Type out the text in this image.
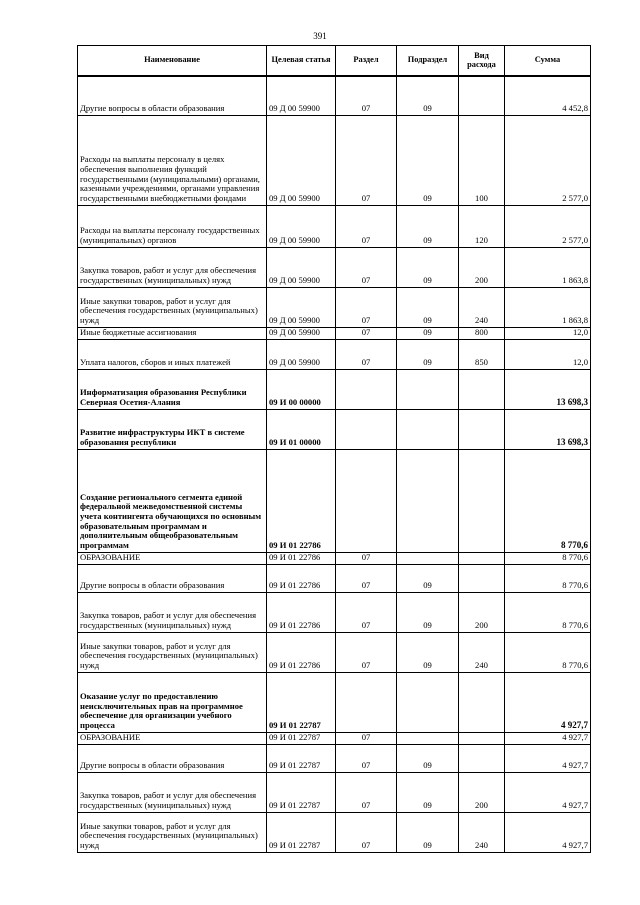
391
Наименование	Целевая статья	Раздел	Подраздел	Вид расхода	Сумма
Другие вопросы в области образования	09 Д 00 59900	07	09		4 452,8
Расходы на выплаты персоналу в целях обеспечения выполнения функций государственными (муниципальными) органами, казенными учреждениями, органами управления государственными внебюджетными фондами	09 Д 00 59900	07	09	100	2 577,0
Расходы на выплаты персоналу государственных (муниципальных) органов	09 Д 00 59900	07	09	120	2 577,0
Закупка товаров, работ и услуг для обеспечения государственных (муниципальных) нужд	09 Д 00 59900	07	09	200	1 863,8
Иные закупки товаров, работ и услуг для обеспечения государственных (муниципальных) нужд	09 Д 00 59900	07	09	240	1 863,8
Иные бюджетные ассигнования	09 Д 00 59900	07	09	800	12,0
Уплата налогов, сборов и иных платежей	09 Д 00 59900	07	09	850	12,0
Информатизация образования Республики Северная Осетия-Алания	09 И 00 00000				13 698,3
Развитие инфраструктуры ИКТ в системе образования республики	09 И 01 00000				13 698,3
Создание регионального сегмента единой федеральной межведомственной системы учета контингента обучающихся по основным образовательным программам и дополнительным общеобразовательным программам	09 И 01 22786				8 770,6
ОБРАЗОВАНИЕ	09 И 01 22786	07			8 770,6
Другие вопросы в области образования	09 И 01 22786	07	09		8 770,6
Закупка товаров, работ и услуг для обеспечения государственных (муниципальных) нужд	09 И 01 22786	07	09	200	8 770,6
Иные закупки товаров, работ и услуг для обеспечения государственных (муниципальных) нужд	09 И 01 22786	07	09	240	8 770,6
Оказание услуг по предоставлению неисключительных прав на программное обеспечение для организации учебного процесса	09 И 01 22787				4 927,7
ОБРАЗОВАНИЕ	09 И 01 22787	07			4 927,7
Другие вопросы в области образования	09 И 01 22787	07	09		4 927,7
Закупка товаров, работ и услуг для обеспечения государственных (муниципальных) нужд	09 И 01 22787	07	09	200	4 927,7
Иные закупки товаров, работ и услуг для обеспечения государственных (муниципальных) нужд	09 И 01 22787	07	09	240	4 927,7
